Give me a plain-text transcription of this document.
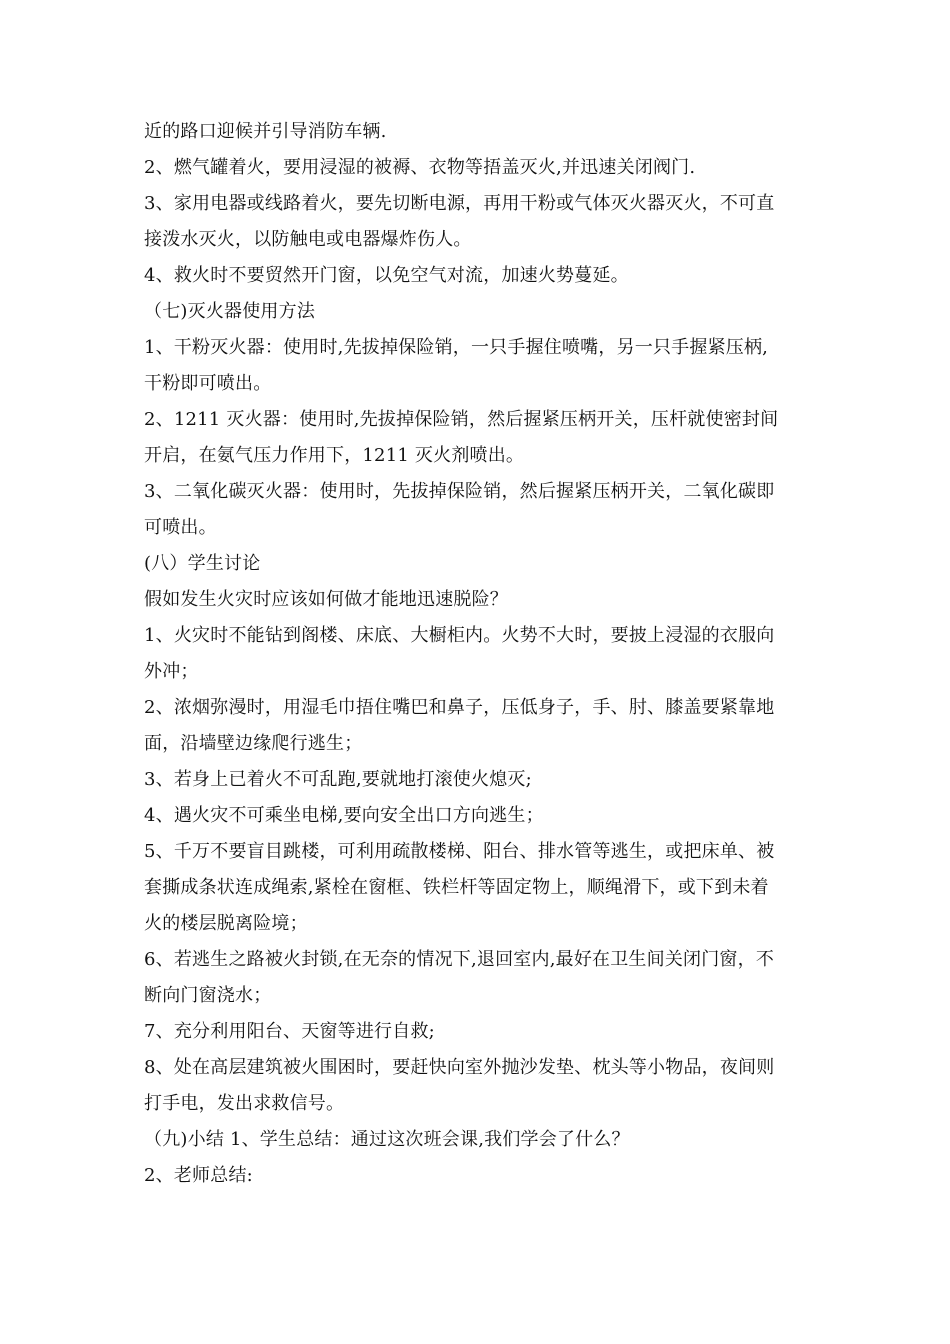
近的路口迎候并引导消防车辆.
2、燃气罐着火，要用浸湿的被褥、衣物等捂盖灭火,并迅速关闭阀门.
3、家用电器或线路着火，要先切断电源，再用干粉或气体灭火器灭火，不可直
接泼水灭火，以防触电或电器爆炸伤人。
4、救火时不要贸然开门窗，以免空气对流，加速火势蔓延。
（七)灭火器使用方法
1、干粉灭火器：使用时,先拔掉保险销，一只手握住喷嘴，另一只手握紧压柄,
干粉即可喷出。
2、1211 灭火器：使用时,先拔掉保险销，然后握紧压柄开关，压杆就使密封间
开启，在氨气压力作用下，1211 灭火剂喷出。
3、二氧化碳灭火器：使用时，先拔掉保险销，然后握紧压柄开关，二氧化碳即
可喷出。
(八）学生讨论
假如发生火灾时应该如何做才能地迅速脱险？
1、火灾时不能钻到阁楼、床底、大橱柜内。火势不大时，要披上浸湿的衣服向
外冲；
2、浓烟弥漫时，用湿毛巾捂住嘴巴和鼻子，压低身子，手、肘、膝盖要紧靠地
面，沿墙壁边缘爬行逃生；
3、若身上已着火不可乱跑,要就地打滚使火熄灭;
4、遇火灾不可乘坐电梯,要向安全出口方向逃生；
5、千万不要盲目跳楼，可利用疏散楼梯、阳台、排水管等逃生，或把床单、被
套撕成条状连成绳索,紧栓在窗框、铁栏杆等固定物上，顺绳滑下，或下到未着
火的楼层脱离险境；
6、若逃生之路被火封锁,在无奈的情况下,退回室内,最好在卫生间关闭门窗，不
断向门窗浇水；
7、充分利用阳台、天窗等进行自救;
8、处在高层建筑被火围困时，要赶快向室外抛沙发垫、枕头等小物品，夜间则
打手电，发出求救信号。
（九)小结 1、学生总结：通过这次班会课,我们学会了什么？
2、老师总结:
